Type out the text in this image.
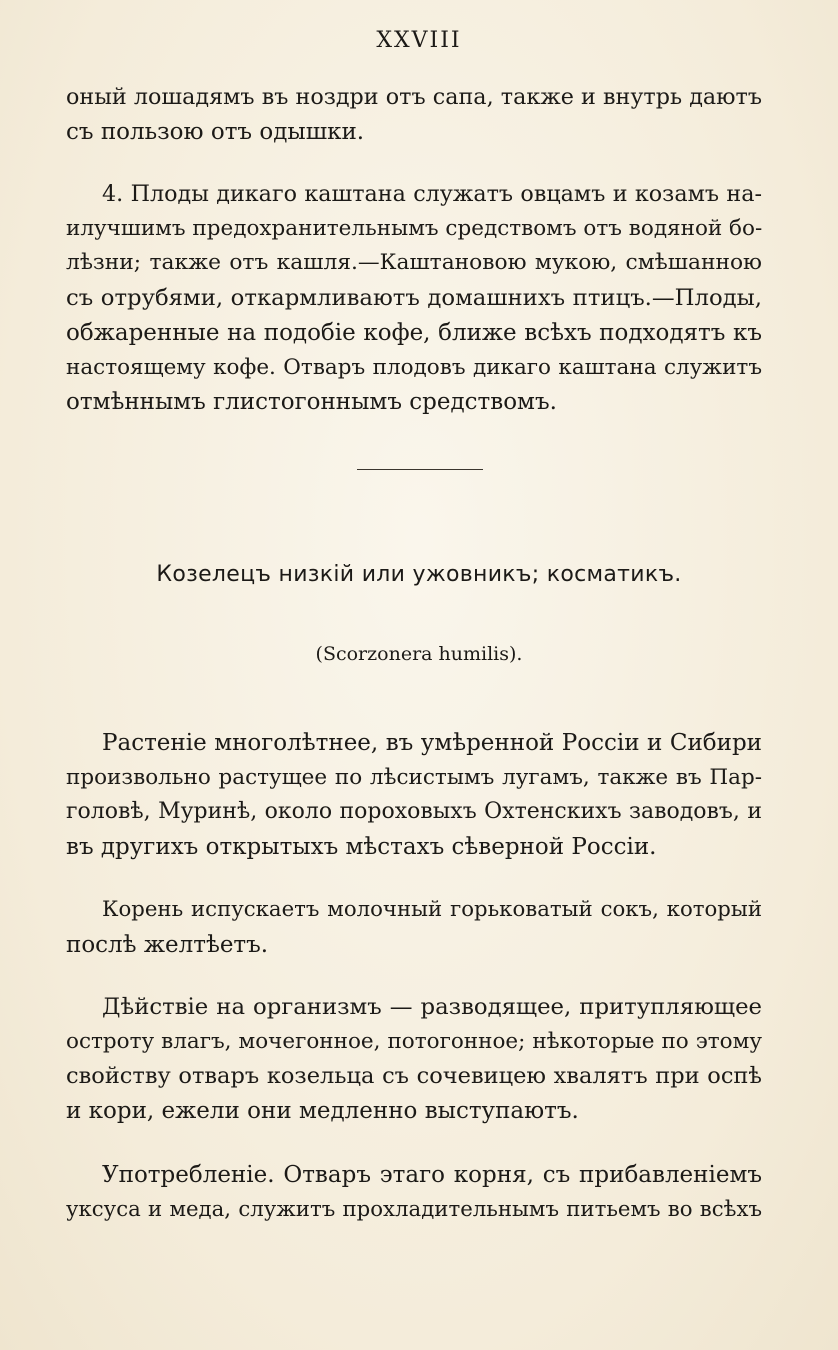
XXVIII
оный лошадямъ въ ноздри отъ сапа, также и внутрь даютъ
съ пользою отъ одышки.
4. Плоды дикаго каштана служатъ овцамъ и козамъ на-
илучшимъ предохранительнымъ средствомъ отъ водяной бо-
лѣзни; также отъ кашля.—Каштановою мукою, смѣшанною
съ отрубями, откармливаютъ домашнихъ птицъ.—Плоды,
обжаренные на подобіе кофе, ближе всѣхъ подходятъ къ
настоящему кофе. Отваръ плодовъ дикаго каштана служитъ
отмѣннымъ глистогоннымъ средствомъ.
Козелецъ низкій или ужовникъ; косматикъ.
(Scorzonera humilis).
Растеніе многолѣтнее, въ умѣренной Россіи и Сибири
произвольно растущее по лѣсистымъ лугамъ, также въ Пар-
головѣ, Муринѣ, около пороховыхъ Охтенскихъ заводовъ, и
въ другихъ открытыхъ мѣстахъ сѣверной Россіи.
Корень испускаетъ молочный горьковатый сокъ, который
послѣ желтѣетъ.
Дѣйствіе на организмъ — разводящее, притупляющее
остроту влагъ, мочегонное, потогонное; нѣкоторые по этому
свойству отваръ козельца съ сочевицею хвалятъ при оспѣ
и кори, ежели они медленно выступаютъ.
Употребленіе. Отваръ этаго корня, съ прибавленіемъ
уксуса и меда, служитъ прохладительнымъ питьемъ во всѣхъ
